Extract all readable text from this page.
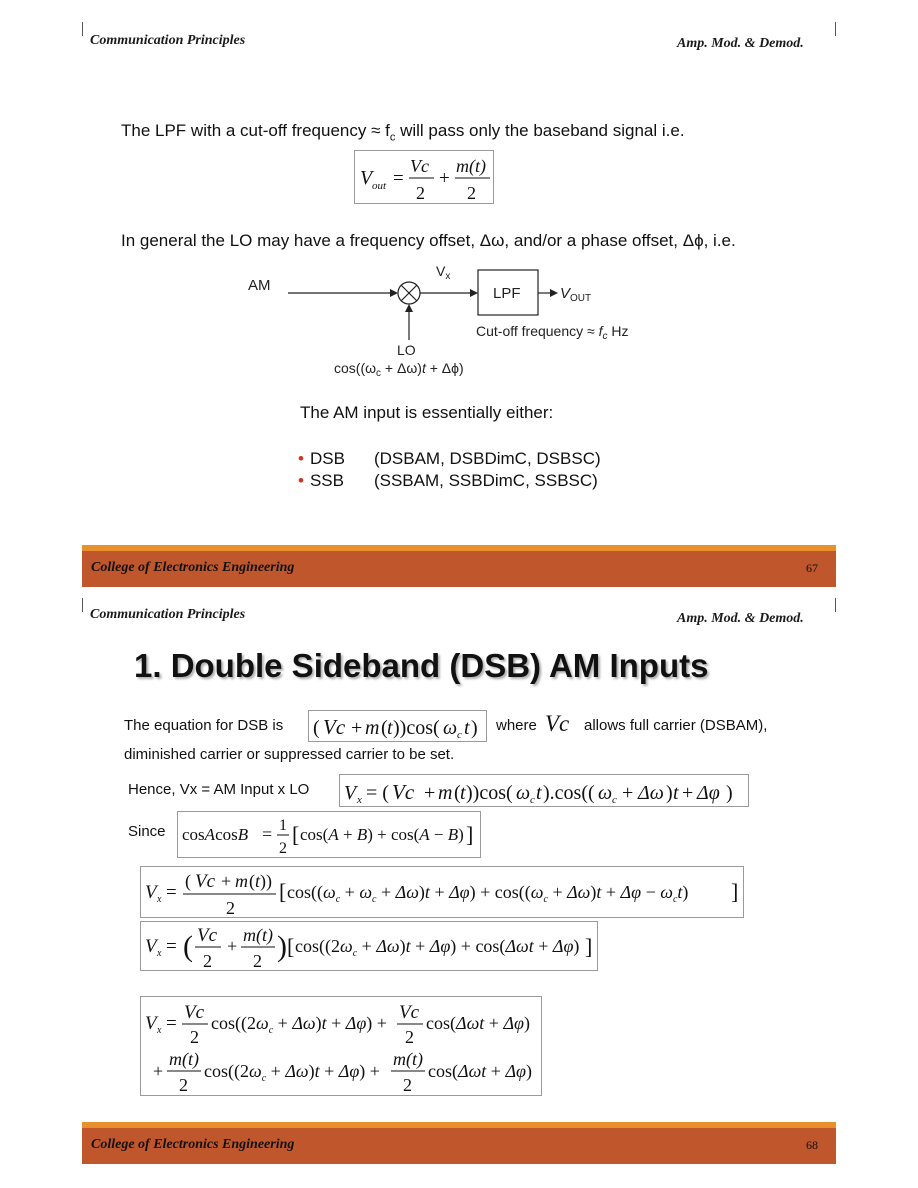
Communication Principles	Amp. Mod. & Demod.
The LPF with a cut-off frequency ≈ $f_c$ will pass only the baseband signal i.e.
V out =
Vc
2
+
m(t)
2
In general the LO may have a frequency offset, Δω, and/or a phase offset, Δϕ, i.e.
AM
$V_x$
LPF	$V_{OUT}$
Cut-off frequency ≈ $f_c$ Hz
LO
$\cos((\omega_c + \Delta\omega)t + \Delta\phi)$
The AM input is essentially either:
• DSB (DSBAM, DSBDimC, DSBSC)
• SSB (SSBAM, SSBDimC, SSBSC)
College of Electronics Engineering	67
Communication Principles	Amp. Mod. & Demod.
1. Double Sideband (DSB) AM Inputs
The equation for DSB is ( Vc + m ( t ))cos( ω c t ) where Vc allows full carrier (DSBAM),
diminished carrier or suppressed carrier to be set.
Hence, Vx = AM Input x LO V x = ( Vc + m ( t ))cos( ω c t ).cos(( ω c + Δω ) t + Δφ )
Since cosAcosB = 1
2
[ cos(A + B) + cos(A − B) ]
V x =
( Vc + m ( t ))
2
[ $\cos((\omega_c + \omega_c + \Delta\omega)t + \Delta\varphi) + \cos((\omega_c + \Delta\omega)t + \Delta\varphi - \omega_ct)$ ]
V x = ( Vc
2
+
m(t)
2 ) [ $\cos((2\omega_c + \Delta\omega)t + \Delta\varphi) + \cos(\Delta\omega t + \Delta\varphi)$ ]
V x =
Vc
2
$\cos((2\omega_c + \Delta\omega)t + \Delta\varphi) + Vc$
2
cos(Δωt + Δφ)
+
m(t)
2
$\cos((2\omega_c + \Delta\omega)t + \Delta\varphi)$ +
m(t)
2
cos(Δωt + Δφ)
College of Electronics Engineering	68
